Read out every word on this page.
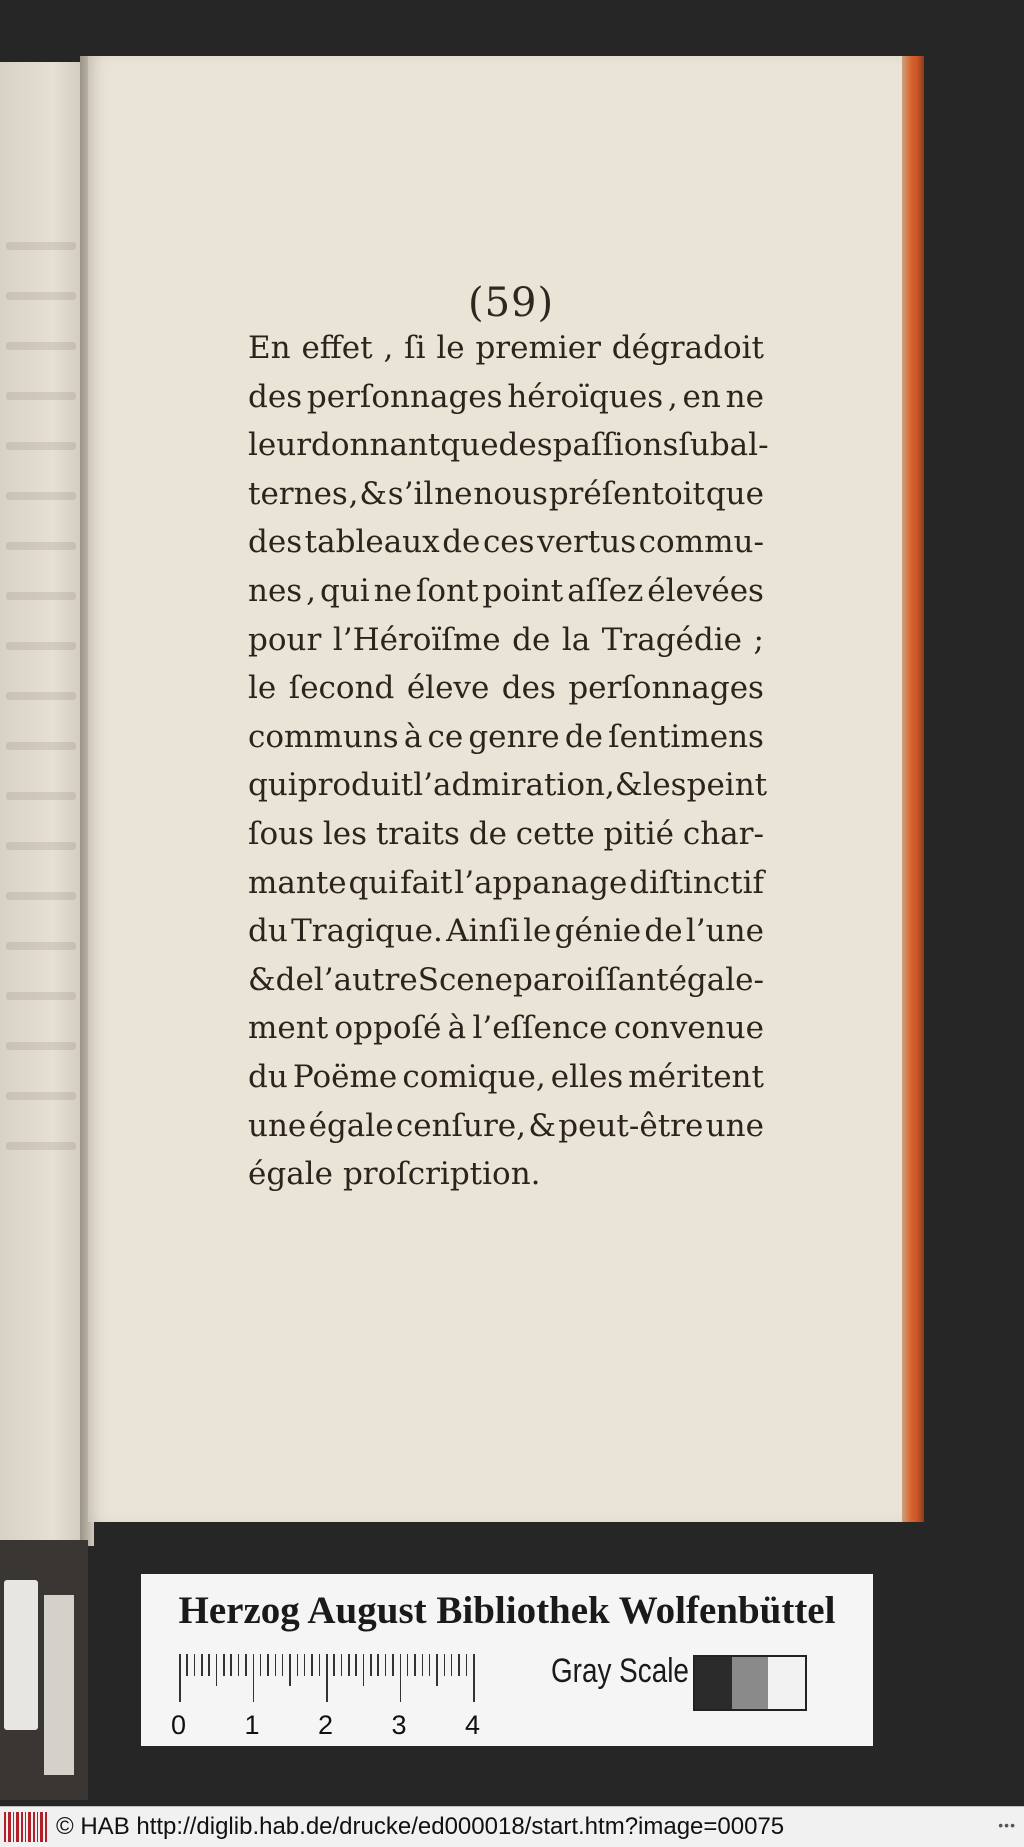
(59)
En effet , ſi le premier dégradoit
des perſonnages héroïques , en ne
leur donnant que des paſſions ſubal-
ternes , & s’il ne nous préſentoit que
des tableaux de ces vertus commu-
nes , qui ne ſont point aſſez élevées
pour l’Héroïſme de la Tragédie ;
le ſecond éleve des perſonnages
communs à ce genre de ſentimens
qui produit l’admiration, & les peint
ſous les traits de cette pitié char-
mante qui fait l’appanage diſtinctif
du Tragique. Ainſi le génie de l’une
& de l’autre Scene paroiſſant égale-
ment oppoſé à l’eſſence convenue
du Poëme comique, elles méritent
une égale cenſure, & peut-être une
égale proſcription.
Herzog August Bibliothek Wolfenbüttel
0 1 2 3 4
Gray Scale
© HAB http://diglib.hab.de/drucke/ed000018/start.htm?image=00075	•••
